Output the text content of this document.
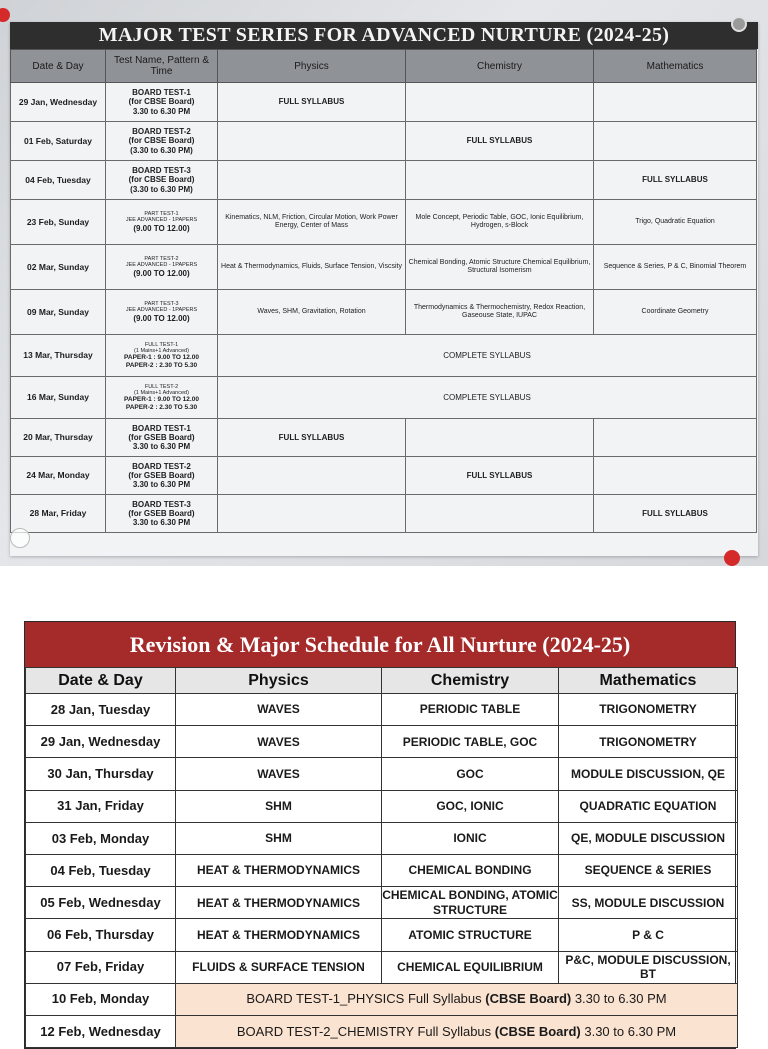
MAJOR TEST SERIES FOR ADVANCED NURTURE (2024-25)
Date & Day	Test Name, Pattern & Time	Physics	Chemistry	Mathematics
29 Jan, Wednesday	BOARD TEST-1
(for CBSE Board)
3.30 to 6.30 PM	FULL SYLLABUS		
01 Feb, Saturday	BOARD TEST-2
(for CBSE Board)
(3.30 to 6.30 PM)		FULL SYLLABUS	
04 Feb, Tuesday	BOARD TEST-3
(for CBSE Board)
(3.30 to 6.30 PM)			FULL SYLLABUS
23 Feb, Sunday	PART TEST-1
JEE ADVANCED - 1PAPERS
(9.00 TO 12.00)	Kinematics, NLM, Friction, Circular Motion, Work Power Energy, Center of Mass	Mole Concept, Periodic Table, GOC, Ionic Equilibrium, Hydrogen, s-Block	Trigo, Quadratic Equation
02 Mar, Sunday	PART TEST-2
JEE ADVANCED - 1PAPERS
(9.00 TO 12.00)	Heat & Thermodynamics, Fluids, Surface Tension, Viscsity	Chemical Bonding, Atomic Structure Chemical Equilibrium, Structural Isomerism	Sequence & Series, P & C, Binomial Theorem
09 Mar, Sunday	PART TEST-3
JEE ADVANCED - 1PAPERS
(9.00 TO 12.00)	Waves, SHM, Gravitation, Rotation	Thermodynamics & Thermochemistry, Redox Reaction, Gaseouse State, IUPAC	Coordinate Geometry
13 Mar, Thursday	FULL TEST-1
(1 Mains+1 Advanced)
PAPER-1 : 9.00 TO 12.00
PAPER-2 : 2.30 TO 5.30	COMPLETE SYLLABUS		
16 Mar, Sunday	FULL TEST-2
(1 Mains+1 Advanced)
PAPER-1 : 9.00 TO 12.00
PAPER-2 : 2.30 TO 5.30	COMPLETE SYLLABUS		
20 Mar, Thursday	BOARD TEST-1
(for GSEB Board)
3.30 to 6.30 PM	FULL SYLLABUS		
24 Mar, Monday	BOARD TEST-2
(for GSEB Board)
3.30 to 6.30 PM		FULL SYLLABUS	
28 Mar, Friday	BOARD TEST-3
(for GSEB Board)
3.30 to 6.30 PM			FULL SYLLABUS
Revision & Major Schedule for All Nurture (2024-25)
Date & Day	Physics	Chemistry	Mathematics
28 Jan, Tuesday	WAVES	PERIODIC TABLE	TRIGONOMETRY
29 Jan, Wednesday	WAVES	PERIODIC TABLE, GOC	TRIGONOMETRY
30 Jan, Thursday	WAVES	GOC	MODULE DISCUSSION, QE
31 Jan, Friday	SHM	GOC, IONIC	QUADRATIC EQUATION
03 Feb, Monday	SHM	IONIC	QE, MODULE DISCUSSION
04 Feb, Tuesday	HEAT & THERMODYNAMICS	CHEMICAL BONDING	SEQUENCE & SERIES
05 Feb, Wednesday	HEAT & THERMODYNAMICS	CHEMICAL BONDING, ATOMIC STRUCTURE	SS, MODULE DISCUSSION
06 Feb, Thursday	HEAT & THERMODYNAMICS	ATOMIC STRUCTURE	P & C
07 Feb, Friday	FLUIDS & SURFACE TENSION	CHEMICAL EQUILIBRIUM	P&C, MODULE DISCUSSION, BT
10 Feb, Monday	BOARD TEST-1_PHYSICS Full Syllabus (CBSE Board) 3.30 to 6.30 PM		
12 Feb, Wednesday	BOARD TEST-2_CHEMISTRY Full Syllabus (CBSE Board) 3.30 to 6.30 PM		
